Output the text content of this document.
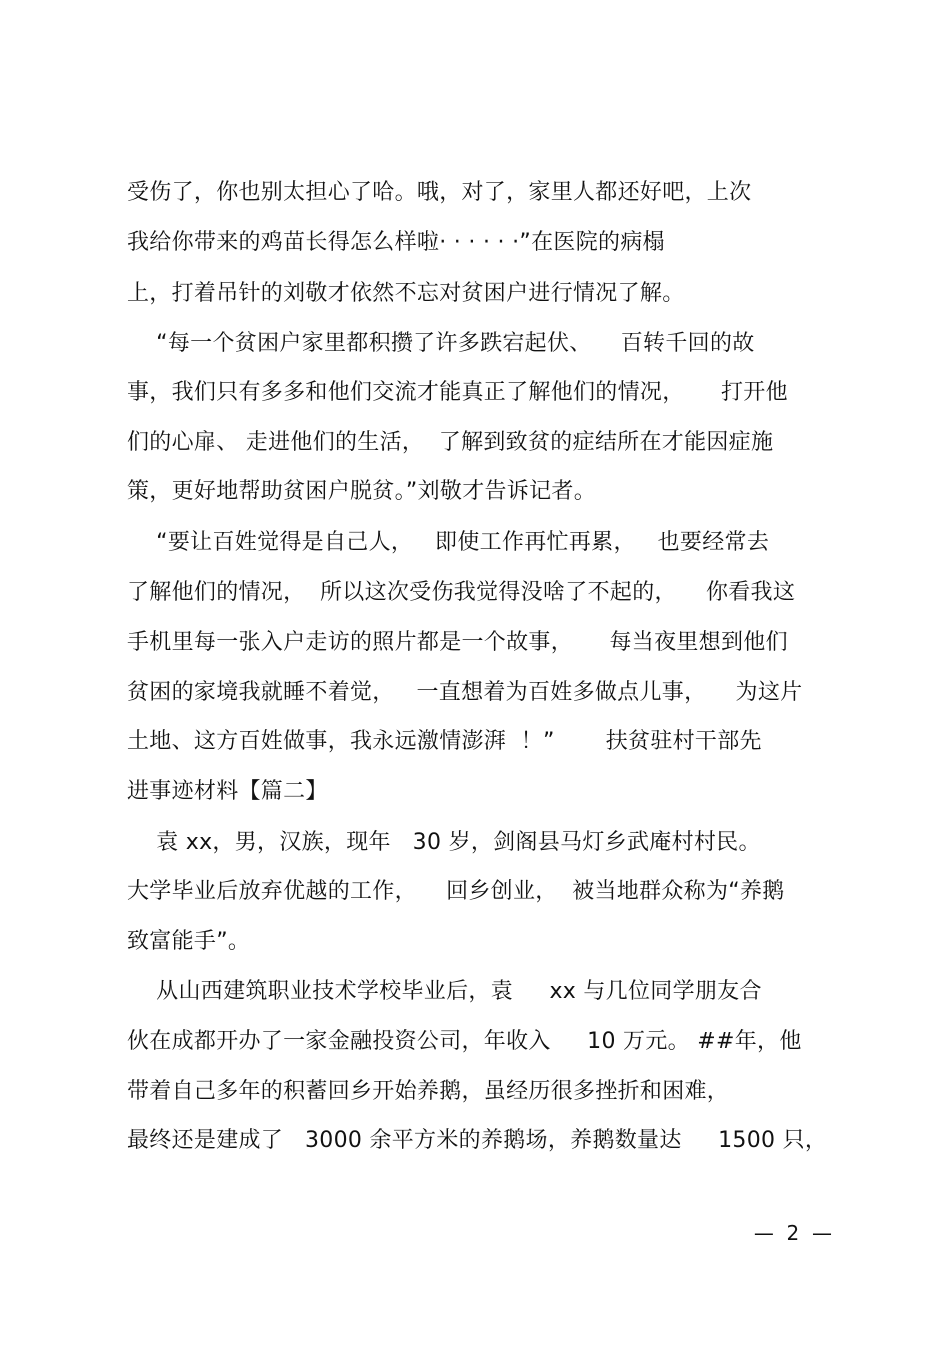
受伤了，你也别太担心了哈。哦，对了，家里人都还好吧，上次
我给你带来的鸡苗长得怎么样啦· · · · · ·”在医院的病榻
上，打着吊针的刘敬才依然不忘对贫困户进行情况了解。
“每一个贫困户家里都积攒了许多跌宕起伏、    百转千回的故
事，我们只有多多和他们交流才能真正了解他们的情况，     打开他
们的心扉、 走进他们的生活，  了解到致贫的症结所在才能因症施
策，更好地帮助贫困户脱贫。”刘敬才告诉记者。
“要让百姓觉得是自己人，   即使工作再忙再累，   也要经常去
了解他们的情况，  所以这次受伤我觉得没啥了不起的，    你看我这
手机里每一张入户走访的照片都是一个故事，     每当夜里想到他们
贫困的家境我就睡不着觉，   一直想着为百姓多做点儿事，    为这片
土地、这方百姓做事，我永远激情澎湃  ！”       扶贫驻村干部先
进事迹材料【篇二】
袁 xx，男，汉族，现年   30 岁，剑阁县马灯乡武庵村村民。
大学毕业后放弃优越的工作，    回乡创业，  被当地群众称为“养鹅
致富能手”。
从山西建筑职业技术学校毕业后，袁     xx 与几位同学朋友合
伙在成都开办了一家金融投资公司，年收入     10 万元。 ##年，他
带着自己多年的积蓄回乡开始养鹅，虽经历很多挫折和困难，
最终还是建成了   3000 余平方米的养鹅场，养鹅数量达     1500 只，
—  2  —
